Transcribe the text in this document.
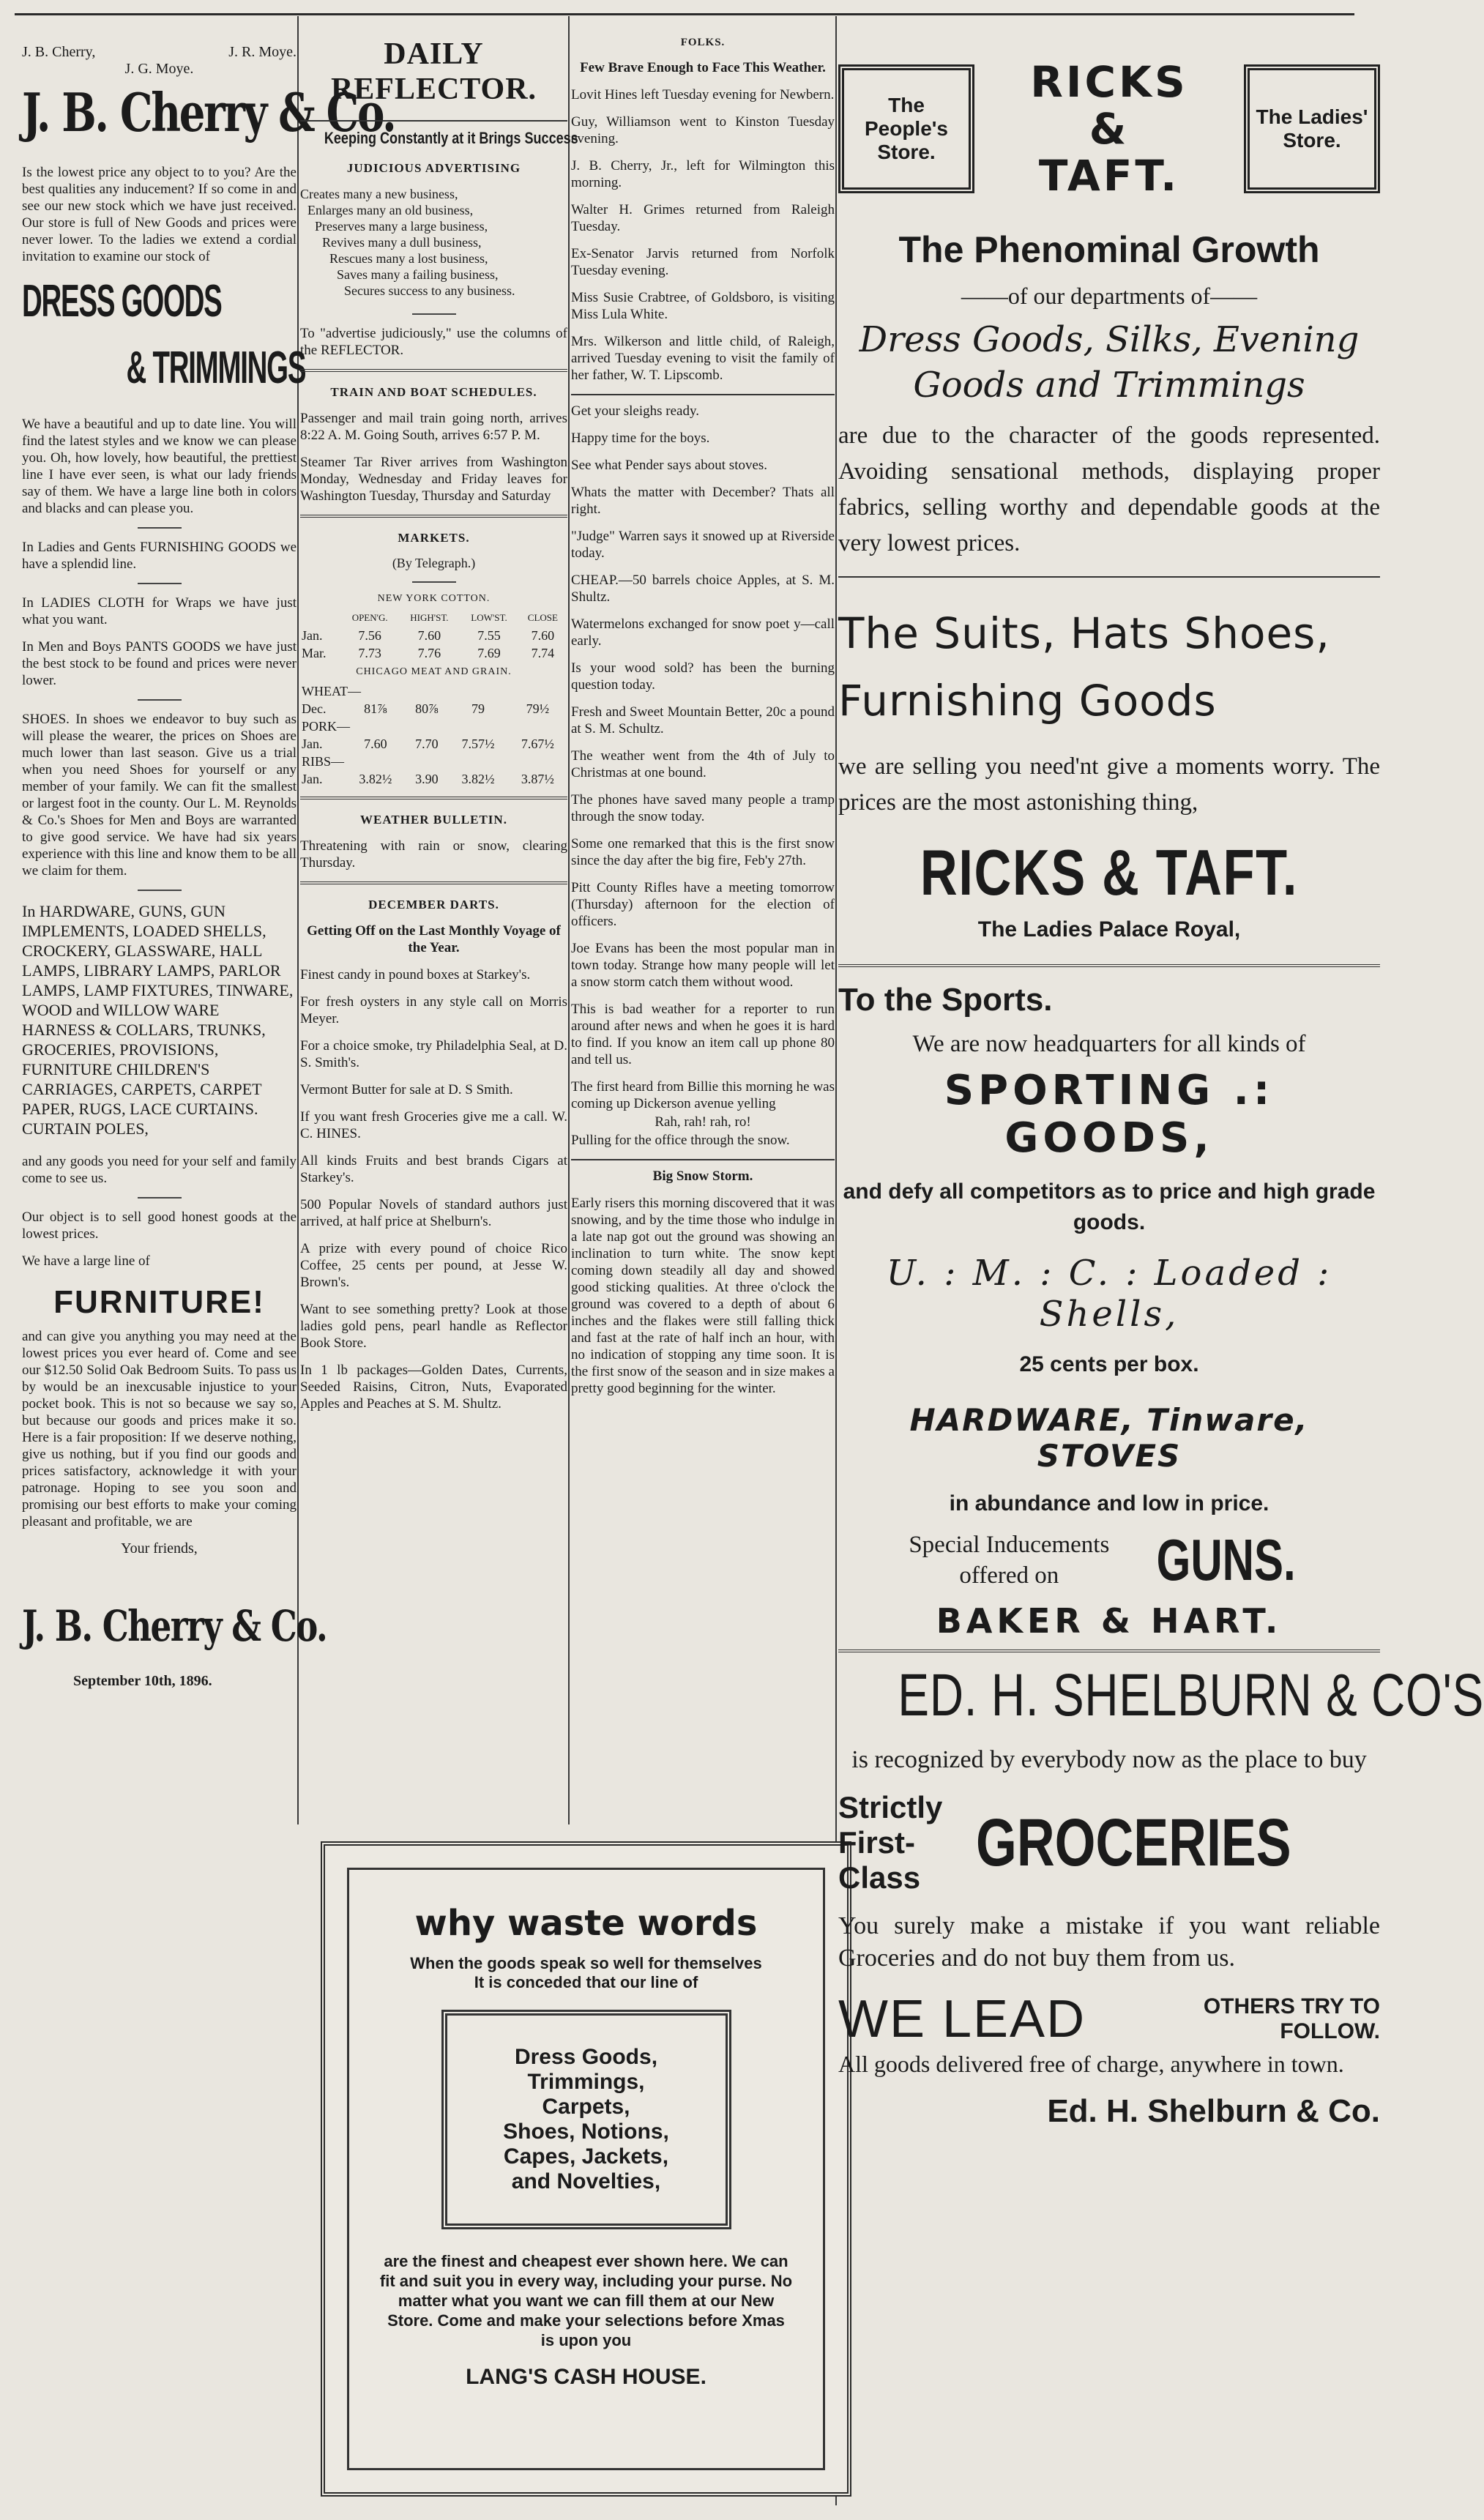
J. B. Cherry,	J. R. Moye.
J. G. Moye.
J. B. Cherry & Co.

Is the lowest price any object to to you? Are the best qualities any inducement? If so come in and see our new stock which we have just received. Our store is full of New Goods and prices were never lower. To the ladies we extend a cordial invitation to examine our stock of

DRESS GOODS
& TRIMMINGS

We have a beautiful and up to date line. You will find the latest styles and we know we can please you. Oh, how lovely, how beautiful, the prettiest line I have ever seen, is what our lady friends say of them. We have a large line both in colors and blacks and can please you.

In Ladies and Gents FURNISHING GOODS we have a splendid line.

In LADIES CLOTH for Wraps we have just what you want.

In Men and Boys PANTS GOODS we have just the best stock to be found and prices were never lower.

SHOES. In shoes we endeavor to buy such as will please the wearer, the prices on Shoes are much lower than last season. Give us a trial when you need Shoes for yourself or any member of your family. We can fit the smallest or largest foot in the county. Our L. M. Reynolds & Co.'s Shoes for Men and Boys are warranted to give good service. We have had six years experience with this line and know them to be all we claim for them.

In HARDWARE, GUNS, GUN IMPLEMENTS, LOADED SHELLS, CROCKERY, GLASSWARE, HALL LAMPS, LIBRARY LAMPS, PARLOR LAMPS, LAMP FIXTURES, TINWARE, WOOD and WILLOW WARE HARNESS & COLLARS, TRUNKS, GROCERIES, PROVISIONS, FURNITURE CHILDREN'S CARRIAGES, CARPETS, CARPET PAPER, RUGS, LACE CURTAINS. CURTAIN POLES,

and any goods you need for your self and family come to see us.

Our object is to sell good honest goods at the lowest prices.

We have a large line of

FURNITURE!

and can give you anything you may need at the lowest prices you ever heard of. Come and see our $12.50 Solid Oak Bedroom Suits. To pass us by would be an inexcusable injustice to your pocket book. This is not so because we say so, but because our goods and prices make it so. Here is a fair proposition: If we deserve nothing, give us nothing, but if you find our goods and prices satisfactory, acknowledge it with your patronage. Hoping to see you soon and promising our best efforts to make your coming pleasant and profitable, we are

Your friends,
J. B. Cherry & Co.
September 10th, 1896.
DAILY REFLECTOR.
Keeping Constantly at it Brings Success
JUDICIOUS ADVERTISING
Creates many a new business,
Enlarges many an old business,
Preserves many a large business,
Revives many a dull business,
Rescues many a lost business,
Saves many a failing business,
Secures success to any business.

To "advertise judiciously," use the columns of the REFLECTOR.

TRAIN AND BOAT SCHEDULES.

Passenger and mail train going north, arrives 8:22 A. M. Going South, arrives 6:57 P. M.

Steamer Tar River arrives from Washington Monday, Wednesday and Friday leaves for Washington Tuesday, Thursday and Saturday

MARKETS.
(By Telegraph.)
NEW YORK COTTON.
	OPEN'G.	HIGH'ST.	LOW'ST.	CLOSE
Jan.	7.56	7.60	7.55	7.60
Mar.	7.73	7.76	7.69	7.74
CHICAGO MEAT AND GRAIN.
WHEAT—				
Dec.	81⅞	80⅞	79	79½
PORK—				
Jan.	7.60	7.70	7.57½	7.67½
RIBS—				
Jan.	3.82½	3.90	3.82½	3.87½
WEATHER BULLETIN.

Threatening with rain or snow, clearing Thursday.

DECEMBER DARTS.
Getting Off on the Last Monthly Voyage of the Year.

Finest candy in pound boxes at Starkey's.

For fresh oysters in any style call on Morris Meyer.

For a choice smoke, try Philadelphia Seal, at D. S. Smith's.

Vermont Butter for sale at D. S Smith.

If you want fresh Groceries give me a call. W. C. HINES.

All kinds Fruits and best brands Cigars at Starkey's.

500 Popular Novels of standard authors just arrived, at half price at Shelburn's.

A prize with every pound of choice Rico Coffee, 25 cents per pound, at Jesse W. Brown's.

Want to see something pretty? Look at those ladies gold pens, pearl handle as Reflector Book Store.

In 1 lb packages—Golden Dates, Currents, Seeded Raisins, Citron, Nuts, Evaporated Apples and Peaches at S. M. Shultz.

FOLKS.
Few Brave Enough to Face This Weather.

Lovit Hines left Tuesday evening for Newbern.

Guy, Williamson went to Kinston Tuesday evening.

J. B. Cherry, Jr., left for Wilmington this morning.

Walter H. Grimes returned from Raleigh Tuesday.

Ex-Senator Jarvis returned from Norfolk Tuesday evening.

Miss Susie Crabtree, of Goldsboro, is visiting Miss Lula White.

Mrs. Wilkerson and little child, of Raleigh, arrived Tuesday evening to visit the family of her father, W. T. Lipscomb.

Get your sleighs ready.

Happy time for the boys.

See what Pender says about stoves.

Whats the matter with December? Thats all right.

"Judge" Warren says it snowed up at Riverside today.

CHEAP.—50 barrels choice Apples, at S. M. Shultz.

Watermelons exchanged for snow poet y—call early.

Is your wood sold? has been the burning question today.

Fresh and Sweet Mountain Better, 20c a pound at S. M. Schultz.

The weather went from the 4th of July to Christmas at one bound.

The phones have saved many people a tramp through the snow today.

Some one remarked that this is the first snow since the day after the big fire, Feb'y 27th.

Pitt County Rifles have a meeting tomorrow (Thursday) afternoon for the election of officers.

Joe Evans has been the most popular man in town today. Strange how many people will let a snow storm catch them without wood.

This is bad weather for a reporter to run around after news and when he goes it is hard to find. If you know an item call up phone 80 and tell us.

The first heard from Billie this morning he was coming up Dickerson avenue yelling

Rah, rah! rah, ro!

Pulling for the office through the snow.

Big Snow Storm.

Early risers this morning discovered that it was snowing, and by the time those who indulge in a late nap got out the ground was showing an inclination to turn white. The snow kept coming down steadily all day and showed good sticking qualities. At three o'clock the ground was covered to a depth of about 6 inches and the flakes were still falling thick and fast at the rate of half inch an hour, with no indication of stopping any time soon. It is the first snow of the season and in size makes a pretty good beginning for the winter.

why waste words
When the goods speak so well for themselves
It is conceded that our line of
Dress Goods,
Trimmings,
Carpets,
Shoes, Notions,
Capes, Jackets,
and Novelties,

are the finest and cheapest ever shown here. We can fit and suit you in every way, including your purse. No matter what you want we can fill them at our New Store. Come and make your selections before Xmas is upon you

LANG'S CASH HOUSE.
The People's Store.
RICKS
&
TAFT.
The Ladies' Store.
The Phenominal Growth
——of our departments of——
Dress Goods, Silks, Evening
Goods and Trimmings

are due to the character of the goods represented. Avoiding sensational methods, displaying proper fabrics, selling worthy and dependable goods at the very lowest prices.

The Suits, Hats Shoes, Furnishing Goods

we are selling you need'nt give a moments worry. The prices are the most astonishing thing,

RICKS & TAFT.
The Ladies Palace Royal,
To the Sports.
We are now headquarters for all kinds of
SPORTING .: GOODS,
and defy all competitors as to price and high grade goods.
U. : M. : C. : Loaded : Shells,
25 cents per box.
HARDWARE, Tinware, STOVES
in abundance and low in price.
Special Inducements offered on	GUNS.
BAKER & HART.
ED. H. SHELBURN & CO'S
is recognized by everybody now as the place to buy
Strictly First-Class GROCERIES

You surely make a mistake if you want reliable Groceries and do not buy them from us.

WE LEAD	OTHERS TRY TO FOLLOW.

All goods delivered free of charge, anywhere in town.

Ed. H. Shelburn & Co.
